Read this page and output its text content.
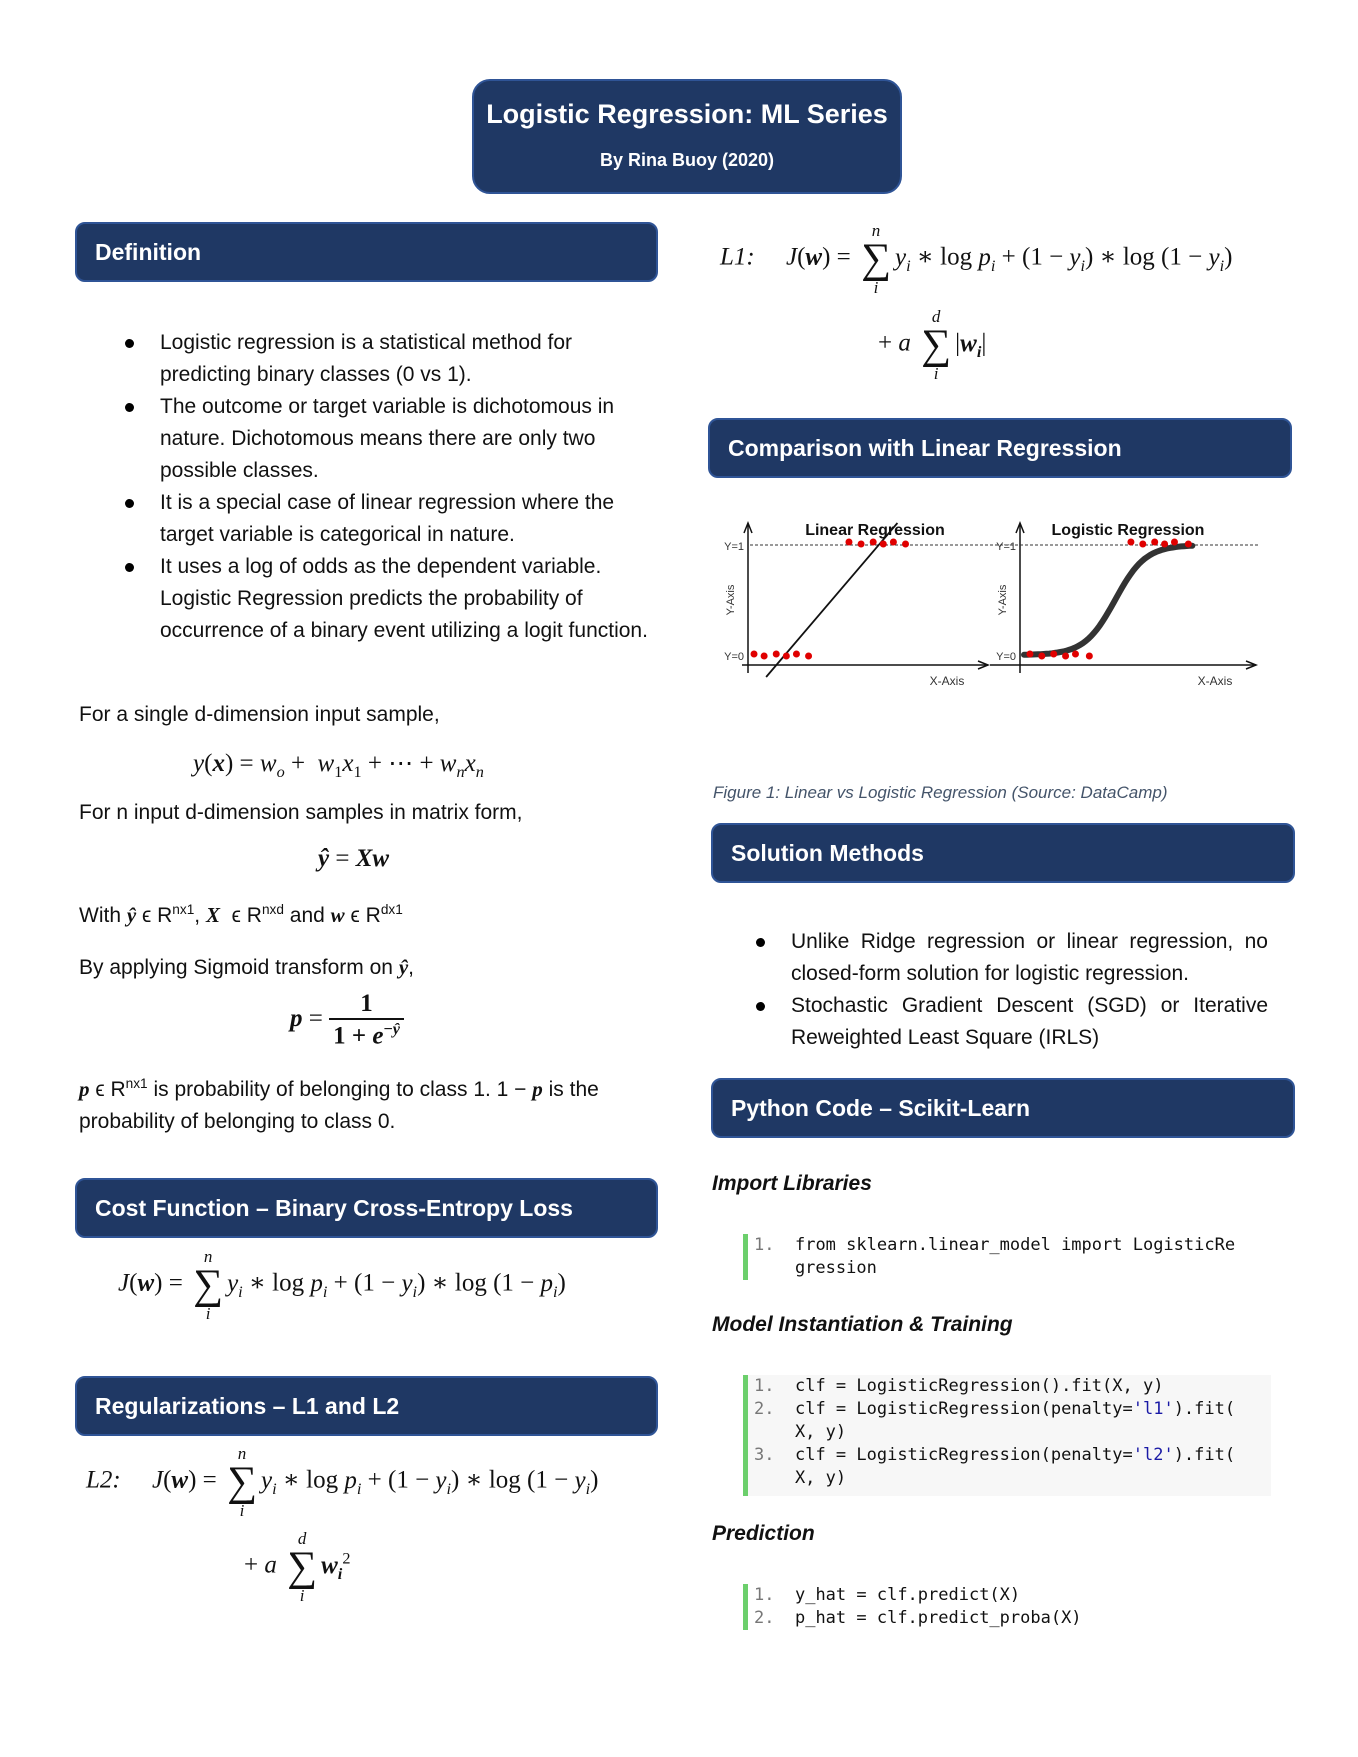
Logistic Regression: ML Series
By Rina Buoy (2020)
Definition
Logistic regression is a statistical method for predicting binary classes (0 vs 1).
The outcome or target variable is dichotomous in nature. Dichotomous means there are only two possible classes.
It is a special case of linear regression where the target variable is categorical in nature.
It uses a log of odds as the dependent variable. Logistic Regression predicts the probability of occurrence of a binary event utilizing a logit function.
For a single d-dimension input sample,
$y(x) = w_o + w_1x_1$ + ⋯ + $w_nx_n$
For n input d-dimension samples in matrix form,
ŷ = Xw
With ŷ ϵ $R^{nx1}$, X  ϵ $R^{nxd}$ and w ϵ $R^{dx1}$
By applying Sigmoid transform on ŷ,
$p = \frac{1}{1 + e^{-ŷ}}$
p ϵ $R^{nx1}$ is probability of belonging to class 1. 1 − p is the probability of belonging to class 0.
Cost Function – Binary Cross-Entropy Loss
J(w) =
n
∑
i
$y_i$ ∗ $\log p_i + (1 - y_i)$ ∗ $\log (1 - p_i)$
Regularizations – L1 and L2
L2: J(w) =
n
∑
i
$y_i$ ∗ $\log p_i + (1 - y_i)$ ∗ $\log (1 - y_i)$
+ a
d
∑
i
$w_i^2$
L1: J(w) =
n
∑
i
$y_i$ ∗ $\log p_i + (1 - y_i)$ ∗ $\log (1 - y_i)$
+ a
d
∑
i
$|w_i|$
Comparison with Linear Regression
Linear Regression
Y=1
Y=0
X-Axis
Y-Axis
Logistic Regression
Y=1
Y=0
X-Axis
Y-Axis
Figure 1: Linear vs Logistic Regression (Source: DataCamp)
Solution Methods
Unlike Ridge regression or linear regression, no closed-form solution for logistic regression.
Stochastic Gradient Descent (SGD) or Iterative Reweighted Least Square (IRLS)
Python Code – Scikit-Learn
Import Libraries
1. from sklearn.linear_model import LogisticRe
gression
Model Instantiation & Training
1. clf = LogisticRegression().fit(X, y)
2. clf = LogisticRegression(penalty='l1').fit(
X, y)
3. clf = LogisticRegression(penalty='l2').fit(
X, y)
Prediction
1. y_hat = clf.predict(X)
2. p_hat = clf.predict_proba(X)
